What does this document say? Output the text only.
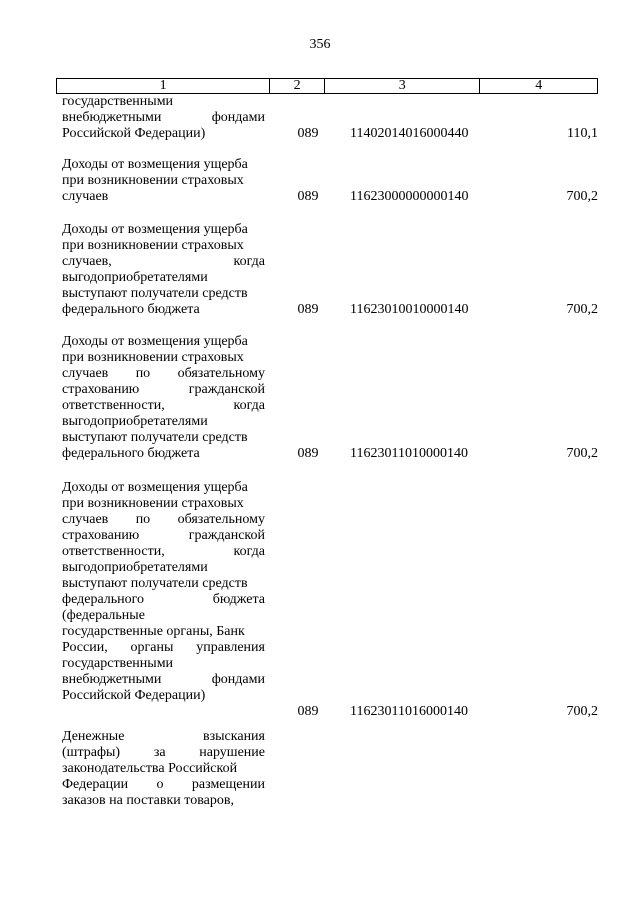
356
1	2	3	4
государственными
внебюджетными	фондами
Российской Федерации)	089	11402014016000440	110,1
Доходы от возмещения ущерба
при возникновении страховых
случаев	089	11623000000000140	700,2
Доходы от возмещения ущерба
при возникновении страховых
случаев,	когда
выгодоприобретателями
выступают получатели средств
федерального бюджета	089	11623010010000140	700,2
Доходы от возмещения ущерба
при возникновении страховых
случаев по обязательному
страхованию	гражданской
ответственности,	когда
выгодоприобретателями
выступают получатели средств
федерального бюджета	089	11623011010000140	700,2
Доходы от возмещения ущерба
при возникновении страховых
случаев по обязательному
страхованию	гражданской
ответственности,	когда
выгодоприобретателями
выступают получатели средств
федерального	бюджета
(федеральные
государственные органы, Банк
России, органы управления
государственными
внебюджетными	фондами
Российской Федерации)
089	11623011016000140	700,2
Денежные	взыскания
(штрафы) за нарушение
законодательства Российской
Федерации о размещении
заказов на поставки товаров,
